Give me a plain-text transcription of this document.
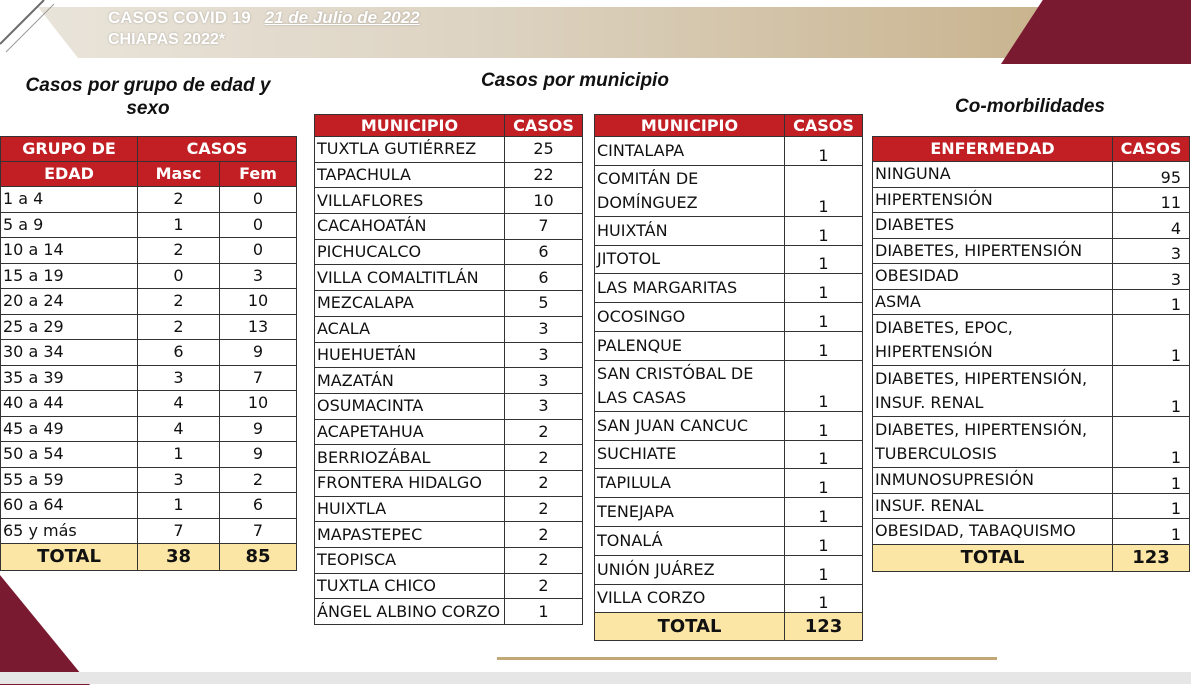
CASOS COVID 19 21 de Julio de 2022
CHIAPAS 2022*
Casos por grupo de edad y sexo
Casos por municipio
Co-morbilidades
GRUPO DE	CASOS	
EDAD	Masc	Fem
1 a 4	2	0
5 a 9	1	0
10 a 14	2	0
15 a 19	0	3
20 a 24	2	10
25 a 29	2	13
30 a 34	6	9
35 a 39	3	7
40 a 44	4	10
45 a 49	4	9
50 a 54	1	9
55 a 59	3	2
60 a 64	1	6
65 y más	7	7
TOTAL	38	85
MUNICIPIO	CASOS
TUXTLA GUTIÉRREZ	25
TAPACHULA	22
VILLAFLORES	10
CACAHOATÁN	7
PICHUCALCO	6
VILLA COMALTITLÁN	6
MEZCALAPA	5
ACALA	3
HUEHUETÁN	3
MAZATÁN	3
OSUMACINTA	3
ACAPETAHUA	2
BERRIOZÁBAL	2
FRONTERA HIDALGO	2
HUIXTLA	2
MAPASTEPEC	2
TEOPISCA	2
TUXTLA CHICO	2
ÁNGEL ALBINO CORZO	1
MUNICIPIO	CASOS
CINTALAPA	1
COMITÁN DE DOMÍNGUEZ	1
HUIXTÁN	1
JITOTOL	1
LAS MARGARITAS	1
OCOSINGO	1
PALENQUE	1
SAN CRISTÓBAL DE LAS CASAS	1
SAN JUAN CANCUC	1
SUCHIATE	1
TAPILULA	1
TENEJAPA	1
TONALÁ	1
UNIÓN JUÁREZ	1
VILLA CORZO	1
TOTAL	123
ENFERMEDAD	CASOS
NINGUNA	95
HIPERTENSIÓN	11
DIABETES	4
DIABETES, HIPERTENSIÓN	3
OBESIDAD	3
ASMA	1
DIABETES, EPOC, HIPERTENSIÓN	1
DIABETES, HIPERTENSIÓN, INSUF. RENAL	1
DIABETES, HIPERTENSIÓN, TUBERCULOSIS	1
INMUNOSUPRESIÓN	1
INSUF. RENAL	1
OBESIDAD, TABAQUISMO	1
TOTAL	123
